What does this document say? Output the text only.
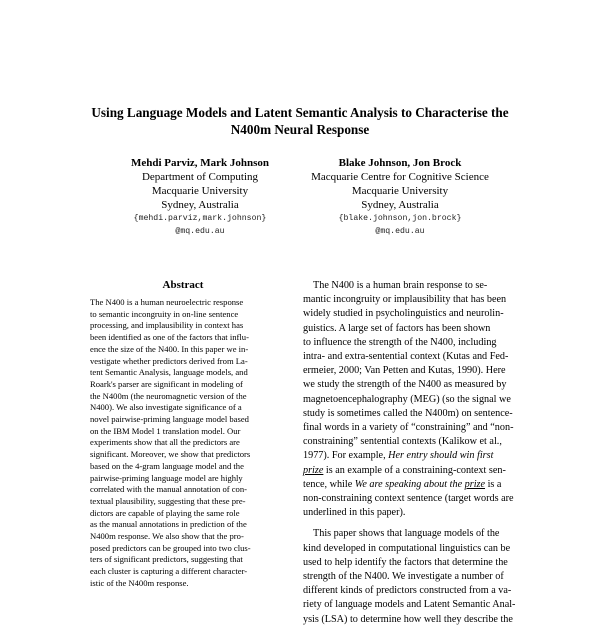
Using Language Models and Latent Semantic Analysis to Characterise the
N400m Neural Response
Mehdi Parviz, Mark Johnson
Department of Computing
Macquarie University
Sydney, Australia
{mehdi.parviz,mark.johnson}
@mq.edu.au
Blake Johnson, Jon Brock
Macquarie Centre for Cognitive Science
Macquarie University
Sydney, Australia
{blake.johnson,jon.brock}
@mq.edu.au
Abstract
The N400 is a human neuroelectric response
to semantic incongruity in on-line sentence
processing, and implausibility in context has
been identified as one of the factors that influ-
ence the size of the N400. In this paper we in-
vestigate whether predictors derived from La-
tent Semantic Analysis, language models, and
Roark's parser are significant in modeling of
the N400m (the neuromagnetic version of the
N400). We also investigate significance of a
novel pairwise-priming language model based
on the IBM Model 1 translation model. Our
experiments show that all the predictors are
significant. Moreover, we show that predictors
based on the 4-gram language model and the
pairwise-priming language model are highly
correlated with the manual annotation of con-
textual plausibility, suggesting that these pre-
dictors are capable of playing the same role
as the manual annotations in prediction of the
N400m response. We also show that the pro-
posed predictors can be grouped into two clus-
ters of significant predictors, suggesting that
each cluster is capturing a different character-
istic of the N400m response.
The N400 is a human brain response to se-
mantic incongruity or implausibility that has been
widely studied in psycholinguistics and neurolin-
guistics. A large set of factors has been shown
to influence the strength of the N400, including
intra- and extra-sentential context (Kutas and Fed-
ermeier, 2000; Van Petten and Kutas, 1990). Here
we study the strength of the N400 as measured by
magnetoencephalography (MEG) (so the signal we
study is sometimes called the N400m) on sentence-
final words in a variety of “constraining” and “non-
constraining” sentential contexts (Kalikow et al.,
1977). For example, Her entry should win first
prize is an example of a constraining-context sen-
tence, while We are speaking about the prize is a
non-constraining context sentence (target words are
underlined in this paper).
This paper shows that language models of the
kind developed in computational linguistics can be
used to help identify the factors that determine the
strength of the N400. We investigate a number of
different kinds of predictors constructed from a va-
riety of language models and Latent Semantic Anal-
ysis (LSA) to determine how well they describe the
